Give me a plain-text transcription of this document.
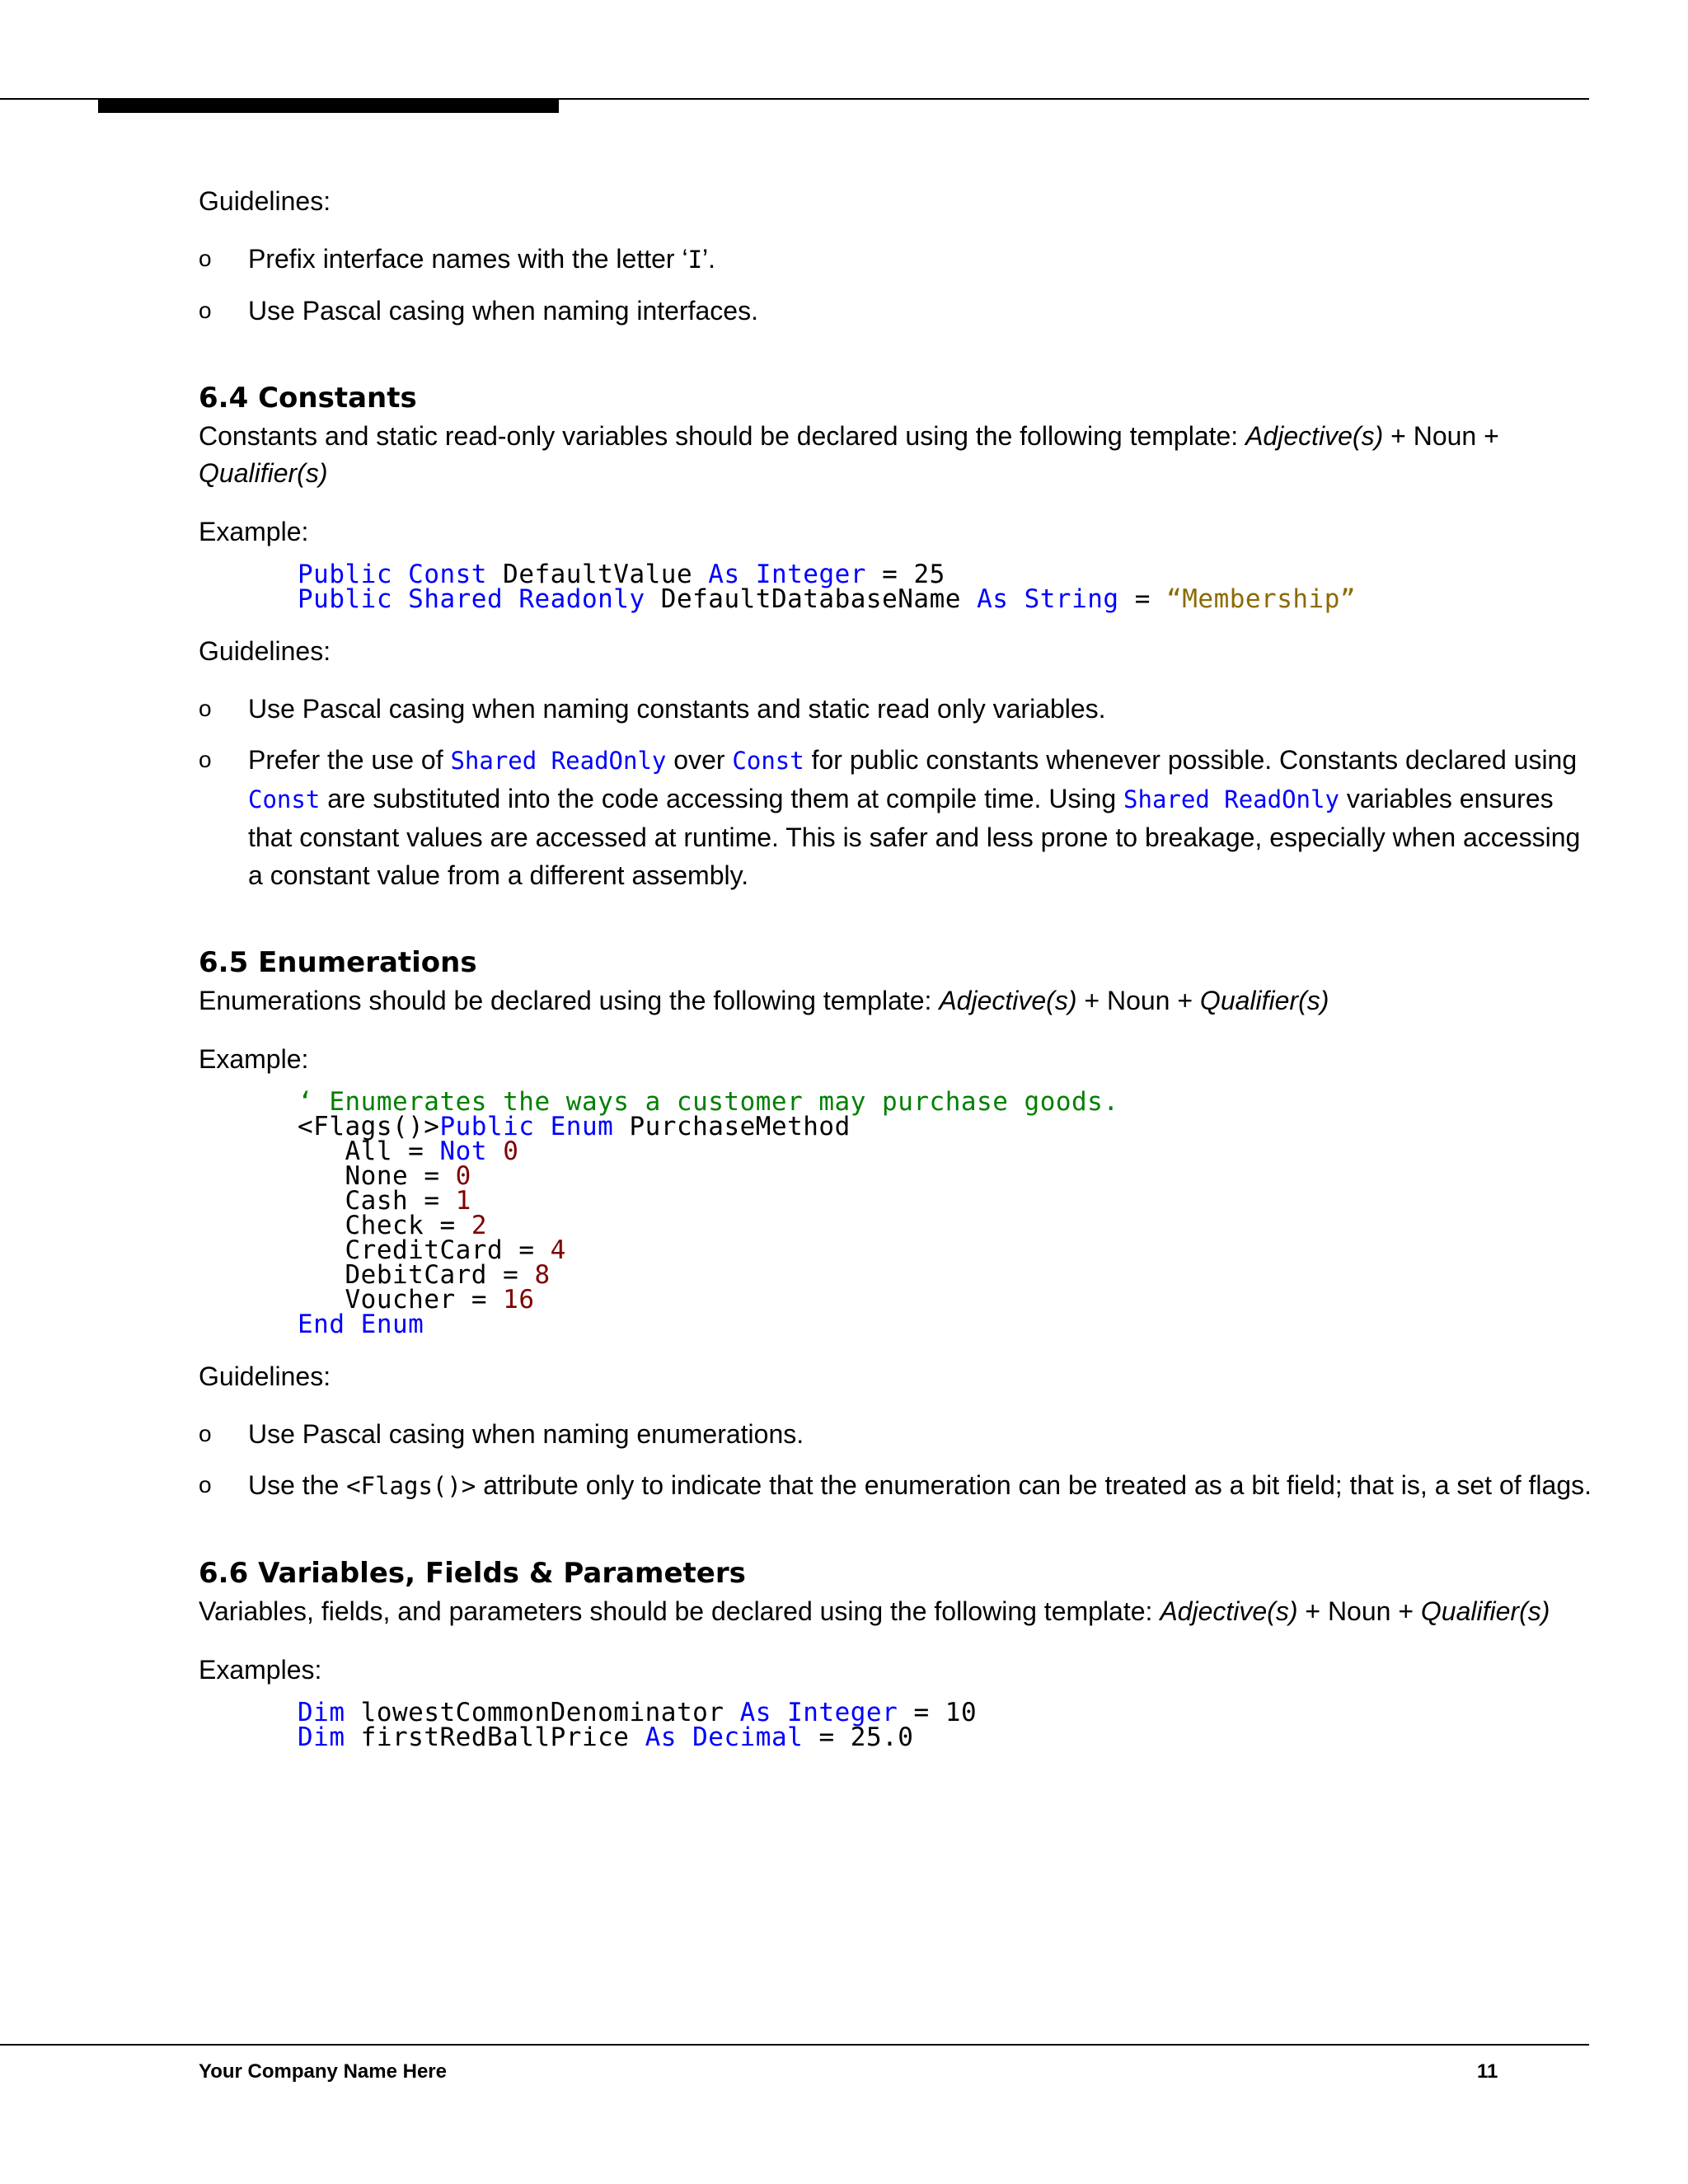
Guidelines:

o Prefix interface names with the letter ‘I’.
o Use Pascal casing when naming interfaces.
6.4 Constants

Constants and static read-only variables should be declared using the following template: Adjective(s) + Noun + Qualifier(s)

Example:

Public Const DefaultValue As Integer = 25
Public Shared Readonly DefaultDatabaseName As String = “Membership”

Guidelines:

o Use Pascal casing when naming constants and static read only variables.
o Prefer the use of Shared ReadOnly over Const for public constants whenever possible. Constants declared using Const are substituted into the code accessing them at compile time. Using Shared ReadOnly variables ensures that constant values are accessed at runtime. This is safer and less prone to breakage, especially when accessing a constant value from a different assembly.
6.5 Enumerations

Enumerations should be declared using the following template: Adjective(s) + Noun + Qualifier(s)

Example:

‘ Enumerates the ways a customer may purchase goods.
<Flags()>Public Enum PurchaseMethod
All = Not 0
None = 0
Cash = 1
Check = 2
CreditCard = 4
DebitCard = 8
Voucher = 16
End Enum

Guidelines:

o Use Pascal casing when naming enumerations.
o Use the <Flags()> attribute only to indicate that the enumeration can be treated as a bit field; that is, a set of flags.
6.6 Variables, Fields & Parameters

Variables, fields, and parameters should be declared using the following template: Adjective(s) + Noun + Qualifier(s)

Examples:

Dim lowestCommonDenominator As Integer = 10
Dim firstRedBallPrice As Decimal = 25.0
Your Company Name Here	11
